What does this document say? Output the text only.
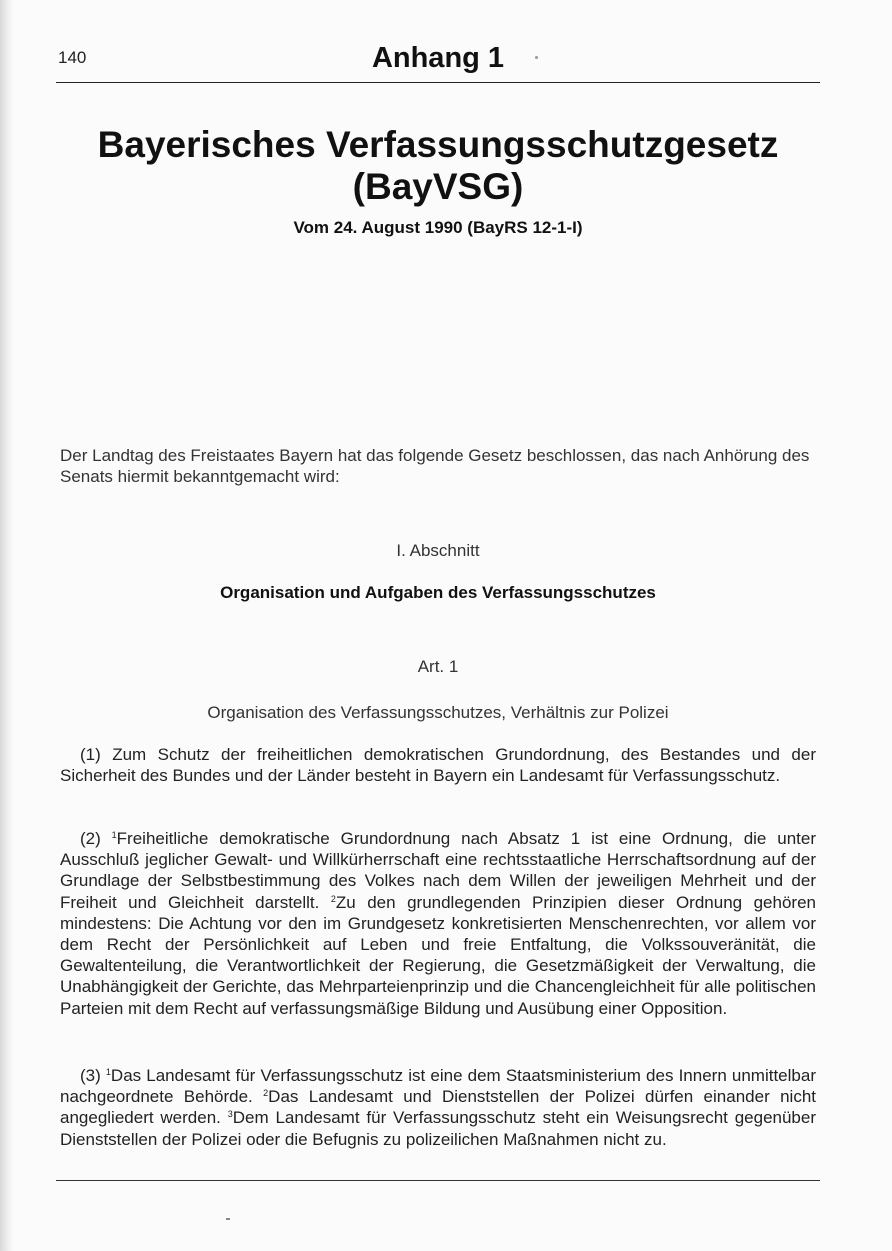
140	Anhang 1
Bayerisches Verfassungsschutzgesetz
(BayVSG)
Vom 24. August 1990 (BayRS 12-1-I)

Der Landtag des Freistaates Bayern hat das folgende Gesetz beschlossen, das nach Anhörung des Senats hiermit bekanntgemacht wird:

I. Abschnitt
Organisation und Aufgaben des Verfassungsschutzes
Art. 1
Organisation des Verfassungsschutzes, Verhältnis zur Polizei

(1) Zum Schutz der freiheitlichen demokratischen Grundordnung, des Bestandes und der Sicherheit des Bundes und der Länder besteht in Bayern ein Landesamt für Verfassungsschutz.

(2) $^1$Freiheitliche demokratische Grundordnung nach Absatz 1 ist eine Ordnung, die unter Ausschluß jeglicher Gewalt- und Willkürherrschaft eine rechtsstaatliche Herrschaftsordnung auf der Grundlage der Selbstbestimmung des Volkes nach dem Willen der jeweiligen Mehrheit und der Freiheit und Gleichheit darstellt. $^2$Zu den grundlegenden Prinzipien dieser Ordnung gehören mindestens: Die Achtung vor den im Grundgesetz konkretisierten Menschenrechten, vor allem vor dem Recht der Persönlichkeit auf Leben und freie Entfaltung, die Volkssouveränität, die Gewaltenteilung, die Verantwortlichkeit der Regierung, die Gesetzmäßigkeit der Verwaltung, die Unabhängigkeit der Gerichte, das Mehrparteienprinzip und die Chancengleichheit für alle politischen Parteien mit dem Recht auf verfassungsmäßige Bildung und Ausübung einer Opposition.

(3) $^1$Das Landesamt für Verfassungsschutz ist eine dem Staatsministerium des Innern unmittelbar nachgeordnete Behörde. $^2$Das Landesamt und Dienststellen der Polizei dürfen einander nicht angegliedert werden. $^3$Dem Landesamt für Verfassungsschutz steht ein Weisungsrecht gegenüber Dienststellen der Polizei oder die Befugnis zu polizeilichen Maßnahmen nicht zu.
